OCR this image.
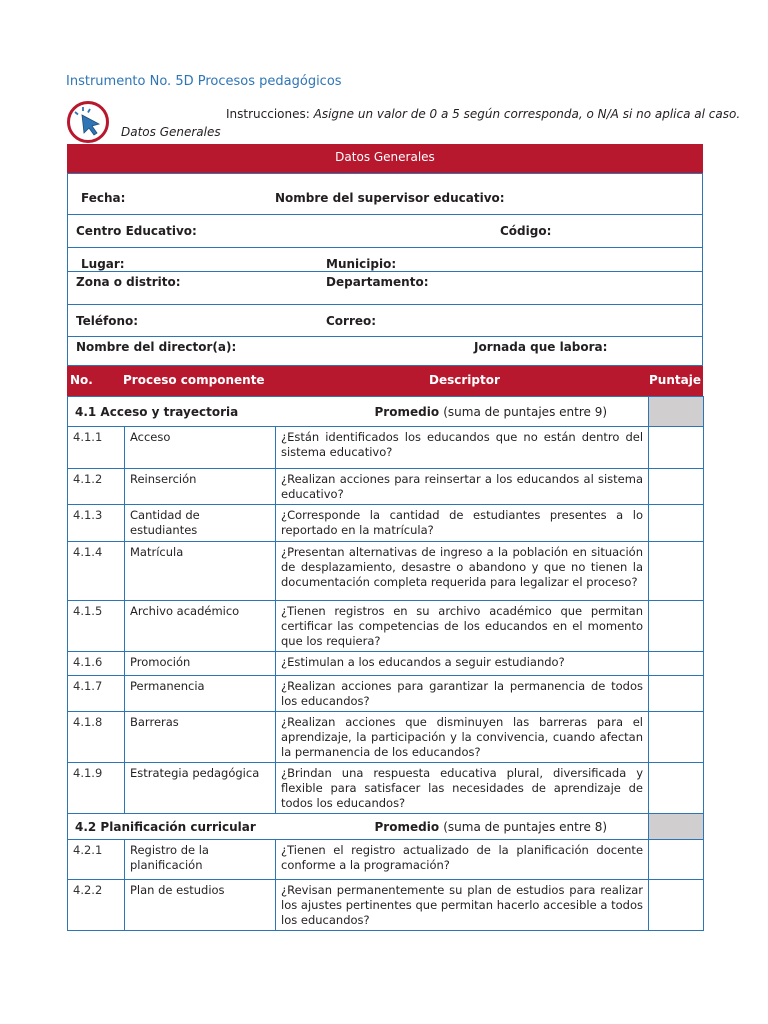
Instrumento No. 5D Procesos pedagógicos
Instrucciones: Asigne un valor de 0 a 5 según corresponda, o N/A si no aplica al caso.
Datos Generales
Datos Generales
Fecha:	Nombre del supervisor educativo:
Centro Educativo:	Código:
Lugar:	Municipio:
Zona o distrito:	Departamento:
Teléfono:	Correo:
Nombre del director(a):	Jornada que labora:
No.	Proceso componente	Descriptor	Puntaje
4.1 Acceso y trayectoria Promedio (suma de puntajes entre 9)			

4.1.1	Acceso	¿Están identificados los educandos que no están dentro del sistema educativo?	
4.1.2	Reinserción	¿Realizan acciones para reinsertar a los educandos al sistema educativo?	
4.1.3	Cantidad de estudiantes	¿Corresponde la cantidad de estudiantes presentes a lo reportado en la matrícula?	
4.1.4	Matrícula	¿Presentan alternativas de ingreso a la población en situación de desplazamiento, desastre o abandono y que no tienen la documentación completa requerida para legalizar el proceso?	
4.1.5	Archivo académico	¿Tienen registros en su archivo académico que permitan certificar las competencias de los educandos en el momento que los requiera?	
4.1.6	Promoción	¿Estimulan a los educandos a seguir estudiando?	
4.1.7	Permanencia	¿Realizan acciones para garantizar la permanencia de todos los educandos?	
4.1.8	Barreras	¿Realizan acciones que disminuyen las barreras para el aprendizaje, la participación y la convivencia, cuando afectan la permanencia de los educandos?	
4.1.9	Estrategia pedagógica	¿Brindan una respuesta educativa plural, diversificada y flexible para satisfacer las necesidades de aprendizaje de todos los educandos?	
4.2 Planificación curricular Promedio (suma de puntajes entre 8)			

4.2.1	Registro de la planificación	¿Tienen el registro actualizado de la planificación docente conforme a la programación?	
4.2.2	Plan de estudios	¿Revisan permanentemente su plan de estudios para realizar los ajustes pertinentes que permitan hacerlo accesible a todos los educandos?	
